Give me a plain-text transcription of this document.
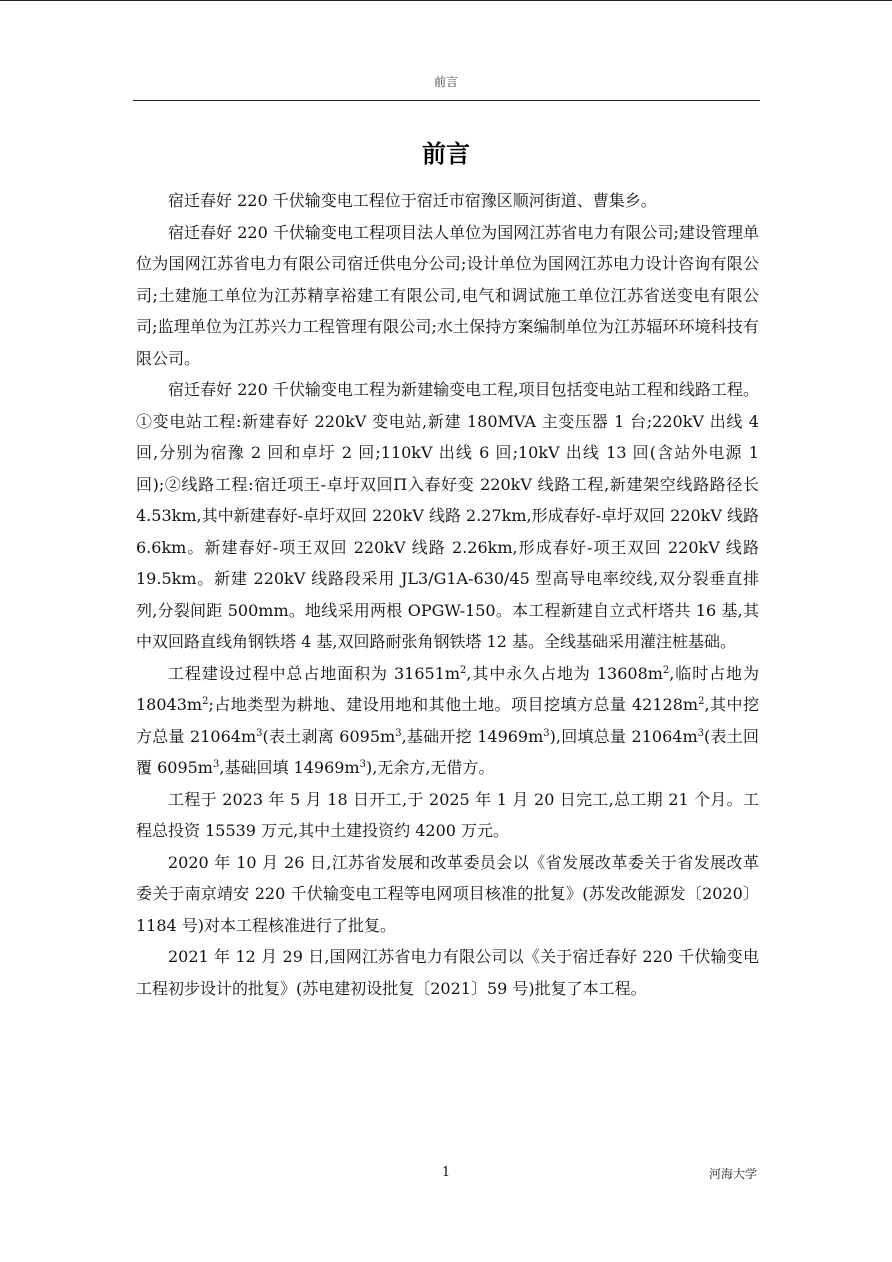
前言
前言

宿迁春好 220 千伏输变电工程位于宿迁市宿豫区顺河街道、曹集乡。

宿迁春好 220 千伏输变电工程项目法人单位为国网江苏省电力有限公司;建设管理单位为国网江苏省电力有限公司宿迁供电分公司;设计单位为国网江苏电力设计咨询有限公司;土建施工单位为江苏精享裕建工有限公司,电气和调试施工单位江苏省送变电有限公司;监理单位为江苏兴力工程管理有限公司;水土保持方案编制单位为江苏辐环环境科技有限公司。

宿迁春好 220 千伏输变电工程为新建输变电工程,项目包括变电站工程和线路工程。①变电站工程:新建春好 220kV 变电站,新建 180MVA 主变压器 1 台;220kV 出线 4 回,分别为宿豫 2 回和卓圩 2 回;110kV 出线 6 回;10kV 出线 13 回(含站外电源 1 回);②线路工程:宿迁项王-卓圩双回Π入春好变 220kV 线路工程,新建架空线路路径长 4.53km,其中新建春好-卓圩双回 220kV 线路 2.27km,形成春好-卓圩双回 220kV 线路 6.6km。新建春好-项王双回 220kV 线路 2.26km,形成春好-项王双回 220kV 线路 19.5km。新建 220kV 线路段采用 JL3/G1A-630/45 型高导电率绞线,双分裂垂直排列,分裂间距 500mm。地线采用两根 OPGW-150。本工程新建自立式杆塔共 16 基,其中双回路直线角钢铁塔 4 基,双回路耐张角钢铁塔 12 基。全线基础采用灌注桩基础。

工程建设过程中总占地面积为 $31651m^2$,其中永久占地为 $13608m^2$,临时占地为 $18043m^2$;占地类型为耕地、建设用地和其他土地。项目挖填方总量 $42128m^2$,其中挖方总量 $21064m^3$(表土剥离 $6095m^3$,基础开挖 $14969m^3$),回填总量 $21064m^3$(表土回覆 $6095m^3$,基础回填 $14969m^3$),无余方,无借方。

工程于 2023 年 5 月 18 日开工,于 2025 年 1 月 20 日完工,总工期 21 个月。工程总投资 15539 万元,其中土建投资约 4200 万元。

2020 年 10 月 26 日,江苏省发展和改革委员会以《省发展改革委关于省发展改革委关于南京靖安 220 千伏输变电工程等电网项目核准的批复》(苏发改能源发〔2020〕1184 号)对本工程核准进行了批复。

2021 年 12 月 29 日,国网江苏省电力有限公司以《关于宿迁春好 220 千伏输变电工程初步设计的批复》(苏电建初设批复〔2021〕59 号)批复了本工程。

1	河海大学
